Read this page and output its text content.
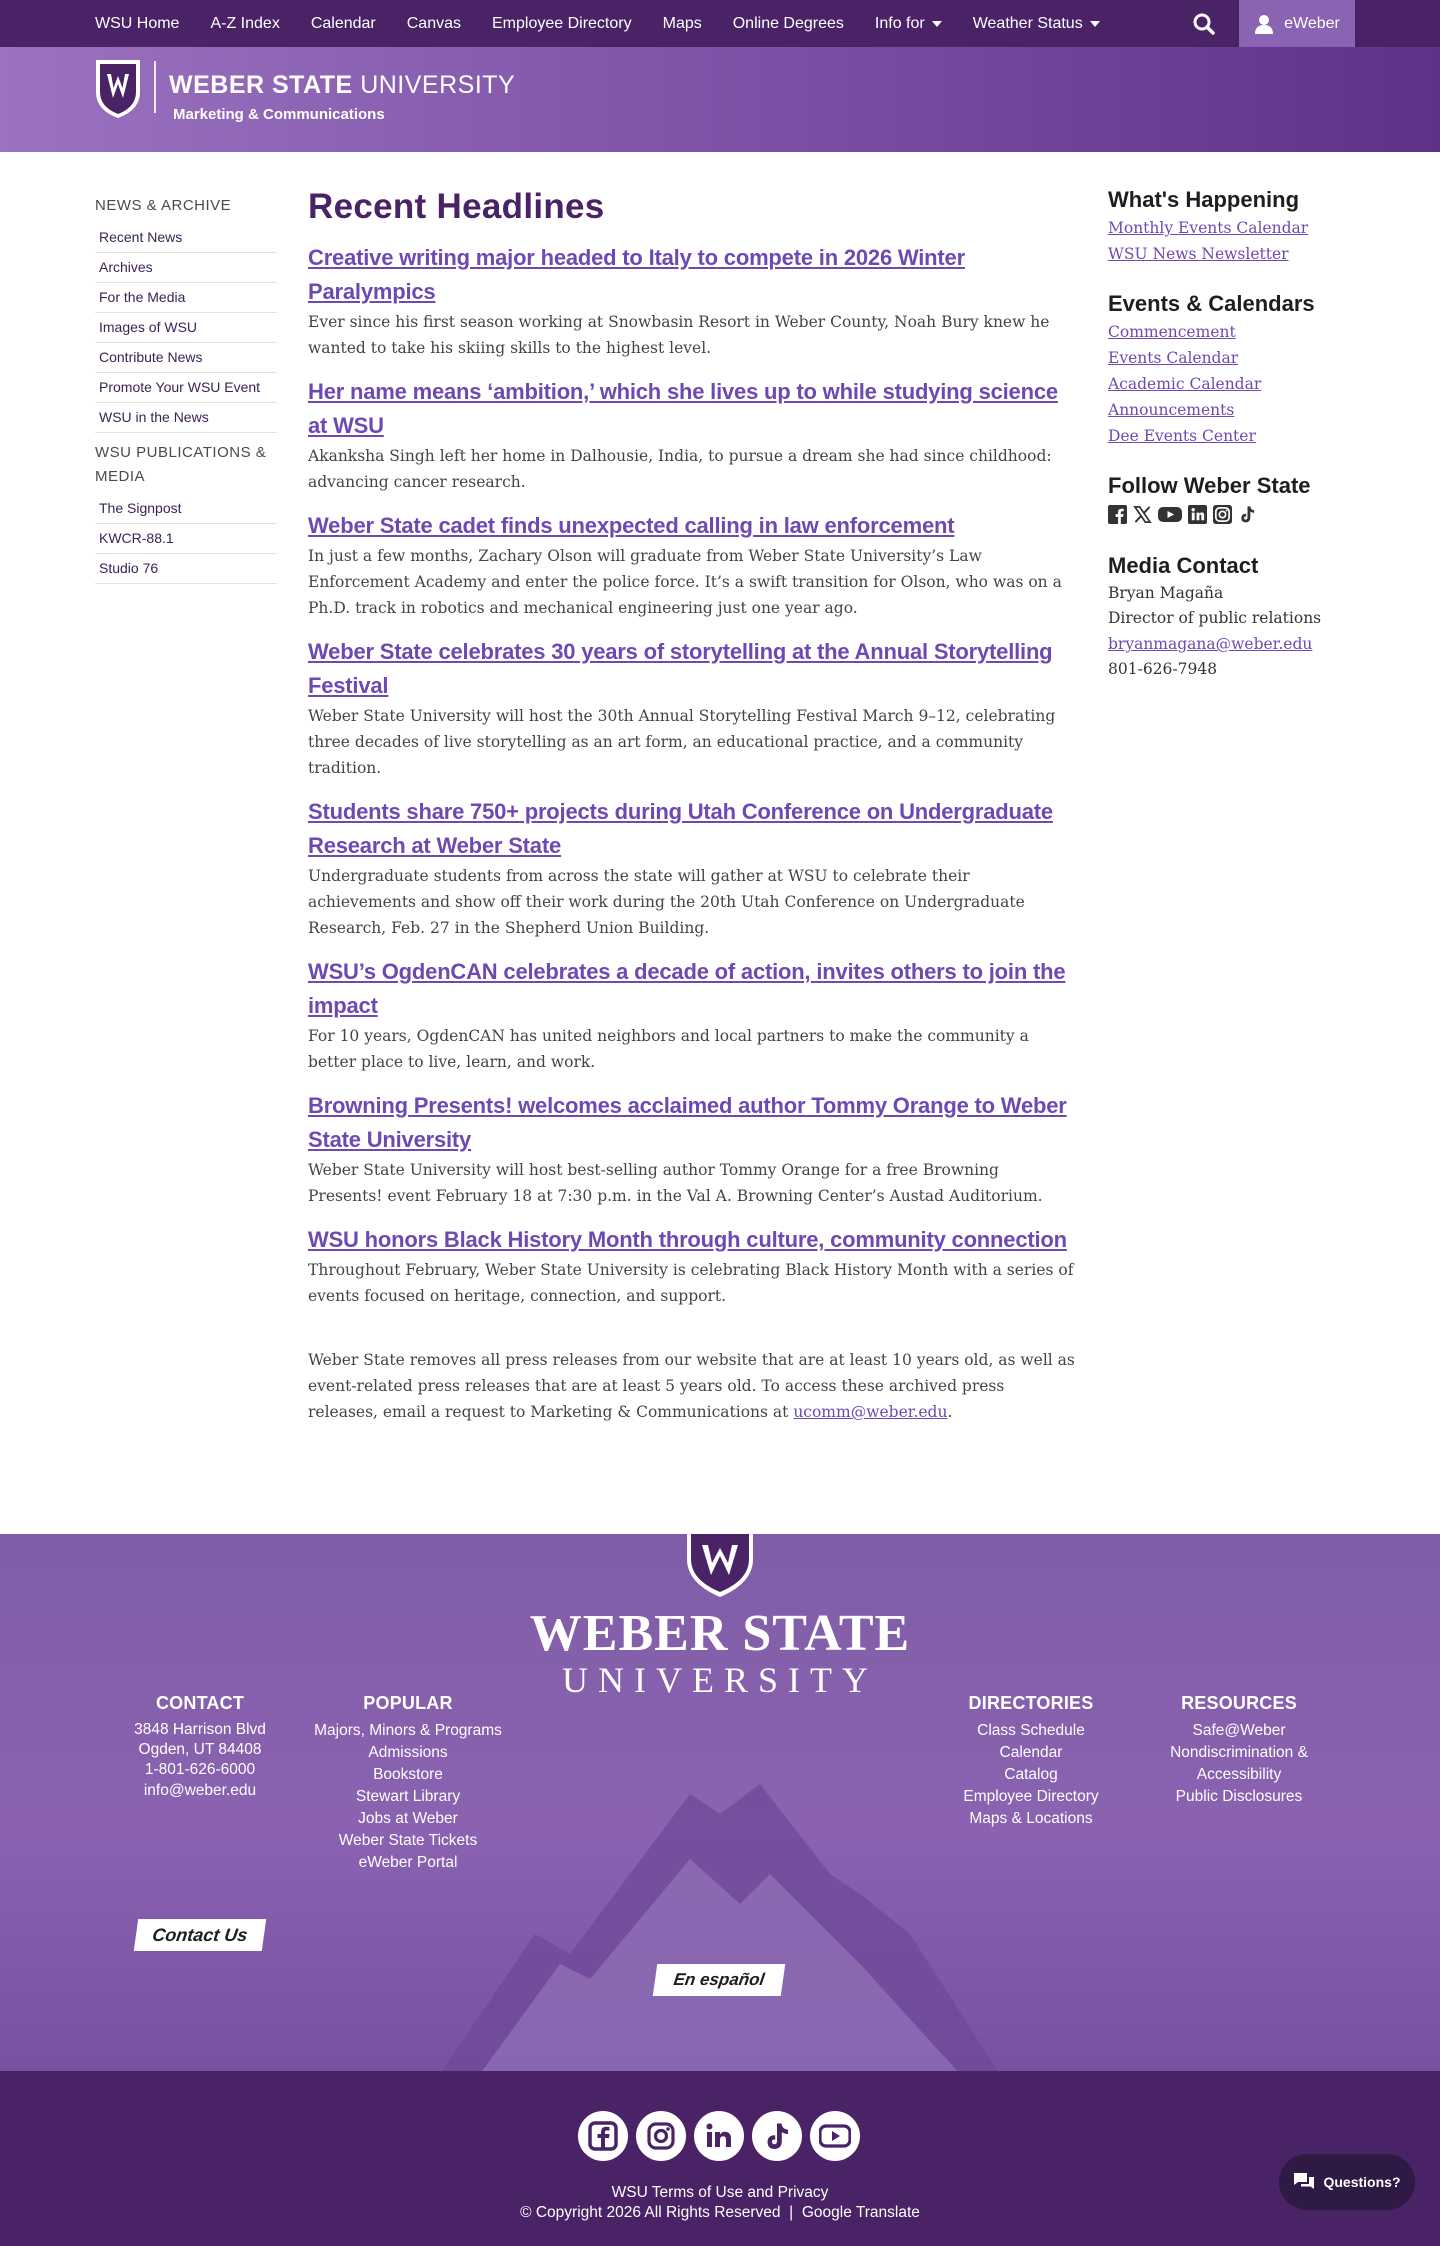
WSU Home A-Z Index Calendar Canvas Employee Directory Maps Online Degrees Info for	Weather Status	eWeber
WEBER STATE UNIVERSITY
Marketing & Communications
NEWS & ARCHIVE
Recent News
Archives
For the Media
Images of WSU
Contribute News
Promote Your WSU Event
WSU in the News
WSU PUBLICATIONS & MEDIA
The Signpost
KWCR-88.1
Studio 76
Recent Headlines
Creative writing major headed to Italy to compete in 2026 Winter Paralympics

Ever since his first season working at Snowbasin Resort in Weber County, Noah Bury knew he wanted to take his skiing skills to the highest level.

Her name means ‘ambition,’ which she lives up to while studying science at WSU

Akanksha Singh left her home in Dalhousie, India, to pursue a dream she had since childhood: advancing cancer research.

Weber State cadet finds unexpected calling in law enforcement

In just a few months, Zachary Olson will graduate from Weber State University’s Law Enforcement Academy and enter the police force. It’s a swift transition for Olson, who was on a Ph.D. track in robotics and mechanical engineering just one year ago.

Weber State celebrates 30 years of storytelling at the Annual Storytelling Festival

Weber State University will host the 30th Annual Storytelling Festival March 9–12, celebrating three decades of live storytelling as an art form, an educational practice, and a community tradition.

Students share 750+ projects during Utah Conference on Undergraduate Research at Weber State

Undergraduate students from across the state will gather at WSU to celebrate their achievements and show off their work during the 20th Utah Conference on Undergraduate Research, Feb. 27 in the Shepherd Union Building.

WSU’s OgdenCAN celebrates a decade of action, invites others to join the impact

For 10 years, OgdenCAN has united neighbors and local partners to make the community a better place to live, learn, and work.

Browning Presents! welcomes acclaimed author Tommy Orange to Weber State University

Weber State University will host best-selling author Tommy Orange for a free Browning Presents! event February 18 at 7:30 p.m. in the Val A. Browning Center’s Austad Auditorium.

WSU honors Black History Month through culture, community connection

Throughout February, Weber State University is celebrating Black History Month with a series of events focused on heritage, connection, and support.

Weber State removes all press releases from our website that are at least 10 years old, as well as event-related press releases that are at least 5 years old. To access these archived press releases, email a request to Marketing & Communications at ucomm@weber.edu.

What's Happening
Monthly Events Calendar
WSU News Newsletter
Events & Calendars
Commencement
Events Calendar
Academic Calendar
Announcements
Dee Events Center
Follow Weber State
Media Contact
Bryan Magaña
Director of public relations
bryanmagana@weber.edu
801-626-7948
WEBER STATE
UNIVERSITY
CONTACT
3848 Harrison Blvd
Ogden, UT 84408
1-801-626-6000
info@weber.edu
Contact Us
POPULAR
Majors, Minors & Programs
Admissions
Bookstore
Stewart Library
Jobs at Weber
Weber State Tickets
eWeber Portal
DIRECTORIES
Class Schedule
Calendar
Catalog
Employee Directory
Maps & Locations
RESOURCES
Safe@Weber
Nondiscrimination & Accessibility
Public Disclosures
En español
WSU Terms of Use and Privacy
© Copyright 2026 All Rights Reserved | Google Translate
Questions?
